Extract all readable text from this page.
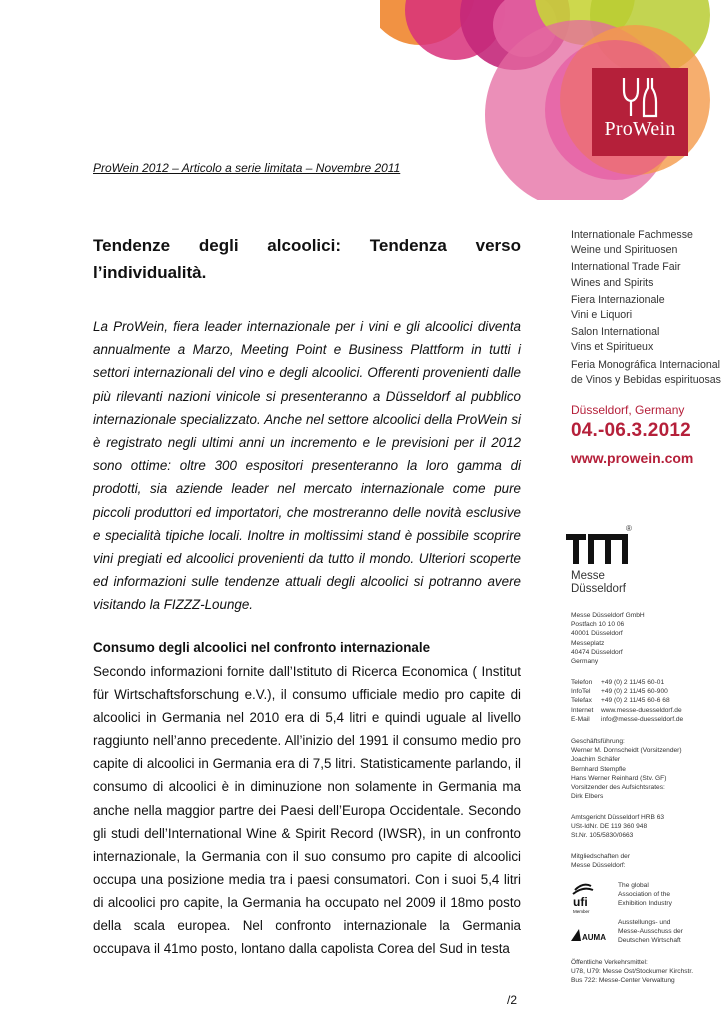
ProWein
ProWein 2012 – Articolo a serie limitata – Novembre 2011
Tendenze degli alcoolici: Tendenza verso
l’individualità.
La ProWein, fiera leader internazionale per i vini e gli alcoolici diventa annualmente a Marzo, Meeting Point e Business Plattform in tutti i settori internazionali del vino e degli alcoolici. Offerenti provenienti dalle più rilevanti nazioni vinicole si presenteranno a Düsseldorf al pubblico internazionale specializzato. Anche nel settore alcoolici della ProWein si è registrato negli ultimi anni un incremento e le previsioni per il 2012 sono ottime: oltre 300 espositori presenteranno la loro gamma di prodotti, sia aziende leader nel mercato internazionale come pure piccoli produttori ed importatori, che mostreranno delle novità esclusive e specialità tipiche locali. Inoltre in moltissimi stand è possibile scoprire vini pregiati ed alcoolici provenienti da tutto il mondo. Ulteriori scoperte ed informazioni sulle tendenze attuali degli alcoolici si potranno avere visitando la FIZZZ-Lounge.
Consumo degli alcoolici nel confronto internazionale
Secondo informazioni fornite dall’Istituto di Ricerca Economica ( Institut für Wirtschaftsforschung e.V.), il consumo ufficiale medio pro capite di alcoolici in Germania nel 2010 era di 5,4 litri e quindi uguale al livello raggiunto nell’anno precedente. All’inizio del 1991 il consumo medio pro capite di alcoolici in Germania era di 7,5 litri. Statisticamente parlando, il consumo di alcoolici è in diminuzione non solamente in Germania ma anche nella maggior partre dei Paesi dell’Europa Occidentale. Secondo gli studi dell’International Wine & Spirit Record (IWSR), in un confronto internazionale, la Germania con il suo consumo pro capite di alcoolici occupa una posizione media tra i paesi consumatori. Con i suoi 5,4 litri di alcoolici pro capite, la Germania ha occupato nel 2009 il 18mo posto della scala europea. Nel confronto internazionale la Germania occupava il 41mo posto, lontano dalla capolista Corea del Sud in testa
/2
Internationale Fachmesse
Weine und Spirituosen
International Trade Fair
Wines and Spirits
Fiera Internazionale
Vini e Liquori
Salon International
Vins et Spiritueux
Feria Monográfica Internacional
de Vinos y Bebidas espirituosas
Düsseldorf, Germany
04.-06.3.2012
www.prowein.com
®
Messe
Düsseldorf
Messe Düsseldorf GmbH
Postfach 10 10 06
40001 Düsseldorf
Messeplatz
40474 Düsseldorf
Germany
Telefon	+49 (0) 2 11/45 60-01
InfoTel	+49 (0) 2 11/45 60-900
Telefax	+49 (0) 2 11/45 60-6 68
Internet	www.messe-duesseldorf.de
E-Mail	info@messe-duesseldorf.de
Geschäftsführung:
Werner M. Dornscheidt (Vorsitzender)
Joachim Schäfer
Bernhard Stempfle
Hans Werner Reinhard (Stv. GF)
Vorsitzender des Aufsichtsrates:
Dirk Elbers
Amtsgericht Düsseldorf HRB 63
USt-IdNr. DE 119 360 948
St.Nr. 105/5830/0663
Mitgliedschaften der
Messe Düsseldorf:
ufi
Member
The global
Association of the
Exhibition Industry
AUMA
Ausstellungs- und
Messe-Ausschuss der
Deutschen Wirtschaft
Öffentliche Verkehrsmittel:
U78, U79: Messe Ost/Stockumer Kirchstr.
Bus 722: Messe-Center Verwaltung
